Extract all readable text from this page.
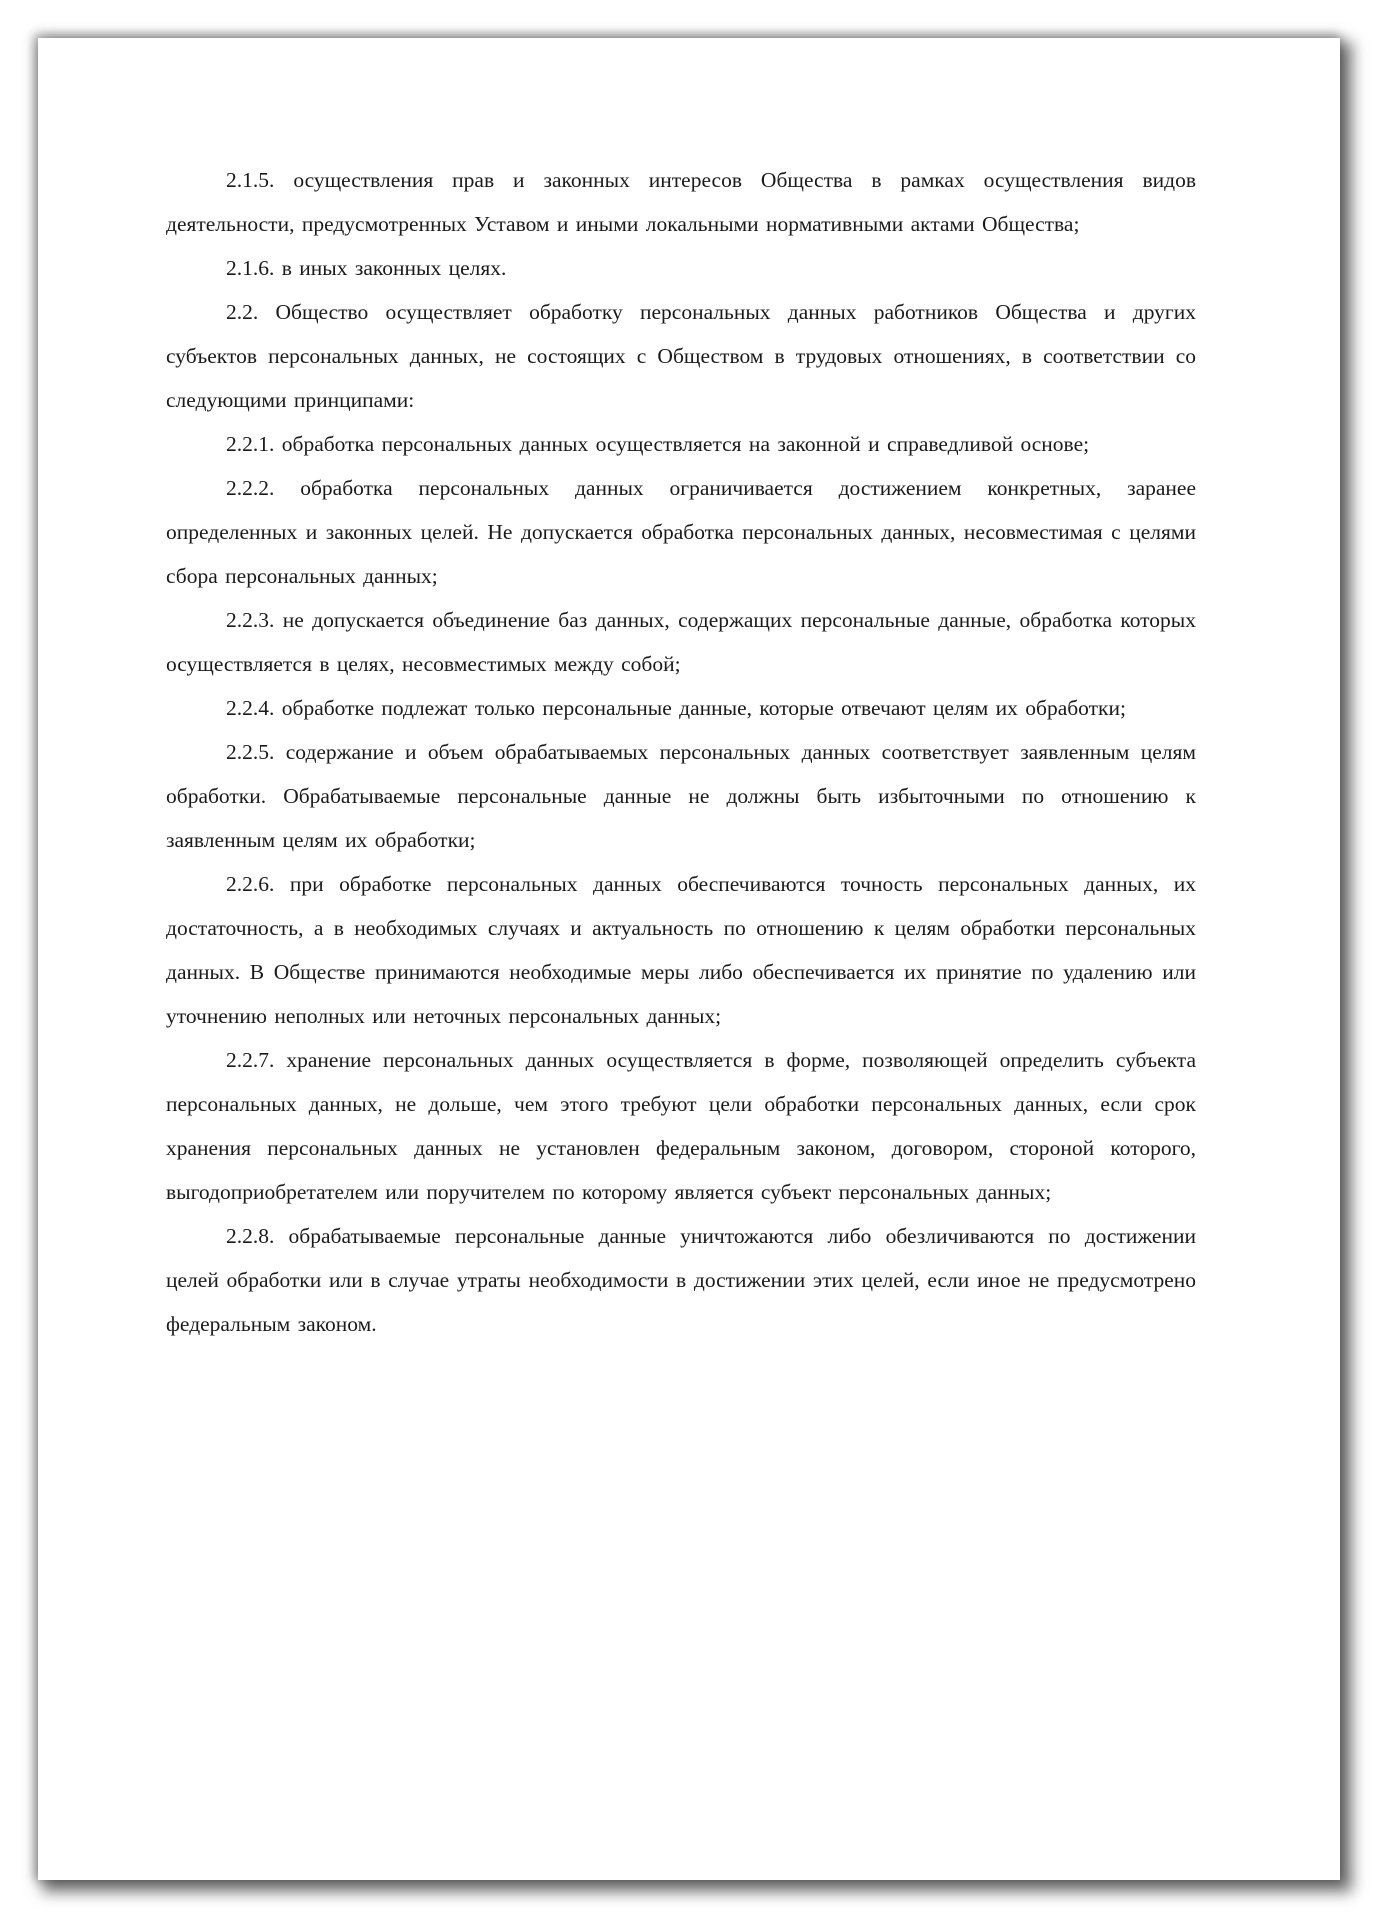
2.1.5. осуществления прав и законных интересов Общества в рамках осуществления видов деятельности, предусмотренных Уставом и иными локальными нормативными актами Общества;

2.1.6. в иных законных целях.

2.2. Общество осуществляет обработку персональных данных работников Общества и других субъектов персональных данных, не состоящих с Обществом в трудовых отношениях, в соответствии со следующими принципами:

2.2.1. обработка персональных данных осуществляется на законной и справедливой основе;

2.2.2. обработка персональных данных ограничивается достижением конкретных, заранее определенных и законных целей. Не допускается обработка персональных данных, несовместимая с целями сбора персональных данных;

2.2.3. не допускается объединение баз данных, содержащих персональные данные, обработка которых осуществляется в целях, несовместимых между собой;

2.2.4. обработке подлежат только персональные данные, которые отвечают целям их обработки;

2.2.5. содержание и объем обрабатываемых персональных данных соответствует заявленным целям обработки. Обрабатываемые персональные данные не должны быть избыточными по отношению к заявленным целям их обработки;

2.2.6. при обработке персональных данных обеспечиваются точность персональных данных, их достаточность, а в необходимых случаях и актуальность по отношению к целям обработки персональных данных. В Обществе принимаются необходимые меры либо обеспечивается их принятие по удалению или уточнению неполных или неточных персональных данных;

2.2.7. хранение персональных данных осуществляется в форме, позволяющей определить субъекта персональных данных, не дольше, чем этого требуют цели обработки персональных данных, если срок хранения персональных данных не установлен федеральным законом, договором, стороной которого, выгодоприобретателем или поручителем по которому является субъект персональных данных;

2.2.8. обрабатываемые персональные данные уничтожаются либо обезличиваются по достижении целей обработки или в случае утраты необходимости в достижении этих целей, если иное не предусмотрено федеральным законом.
